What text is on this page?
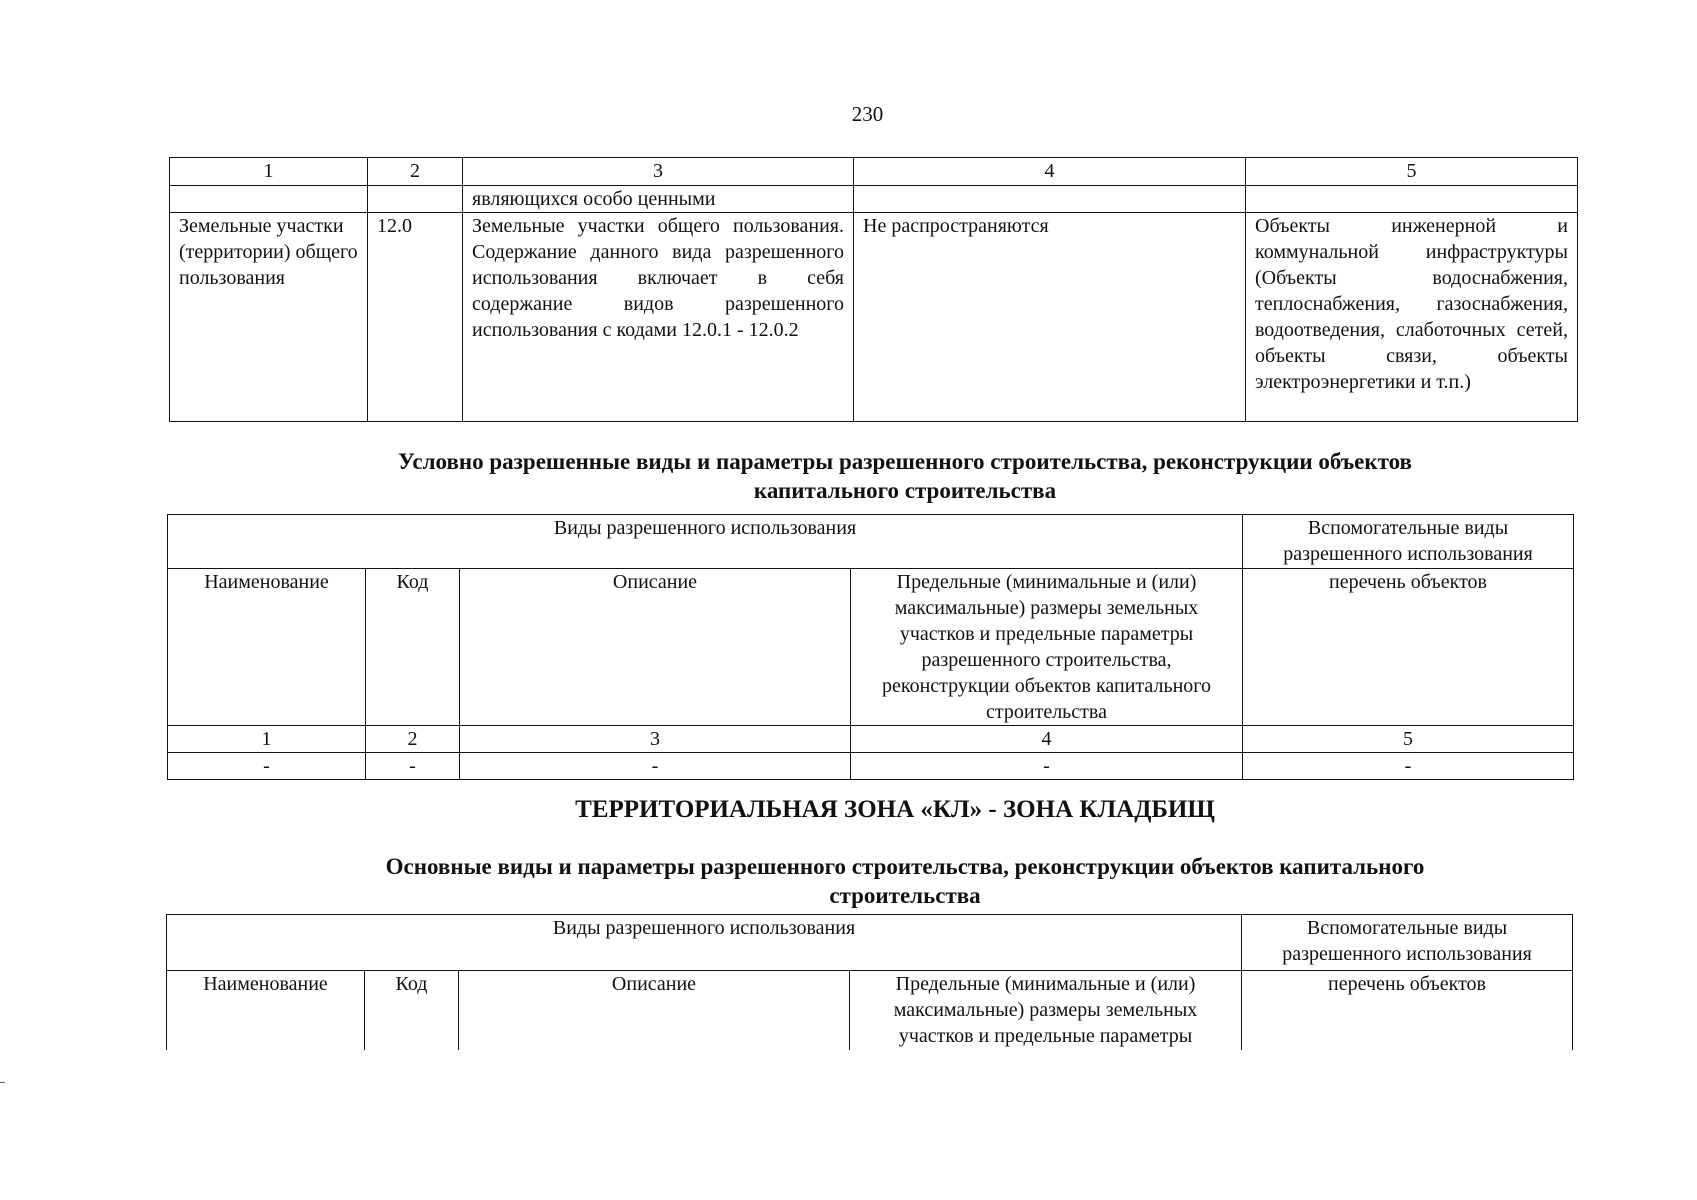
230
1	2	3	4	5
		являющихся особо ценными		
Земельные участки (территории) общего пользования	12.0	Земельные участки общего пользования. Содержание данного вида разрешенного использования включает в себя содержание видов разрешенного использования с кодами 12.0.1 - 12.0.2	Не распространяются	Объекты инженерной и коммунальной инфраструктуры (Объекты водоснабжения, теплоснабжения, газоснабжения, водоотведения, слаботочных сетей, объекты связи, объекты электроэнергетики и т.п.)
Условно разрешенные виды и параметры разрешенного строительства, реконструкции объектов
капитального строительства
Виды разрешенного использования				Вспомогательные виды разрешенного использования
Наименование	Код	Описание	Предельные (минимальные и (или) максимальные) размеры земельных участков и предельные параметры разрешенного строительства, реконструкции объектов капитального строительства	перечень объектов
1	2	3	4	5
-	-	-	-	-
ТЕРРИТОРИАЛЬНАЯ ЗОНА «КЛ» - ЗОНА КЛАДБИЩ
Основные виды и параметры разрешенного строительства, реконструкции объектов капитального
строительства
Виды разрешенного использования				Вспомогательные виды разрешенного использования
Наименование	Код	Описание	Предельные (минимальные и (или) максимальные) размеры земельных участков и предельные параметры	перечень объектов
